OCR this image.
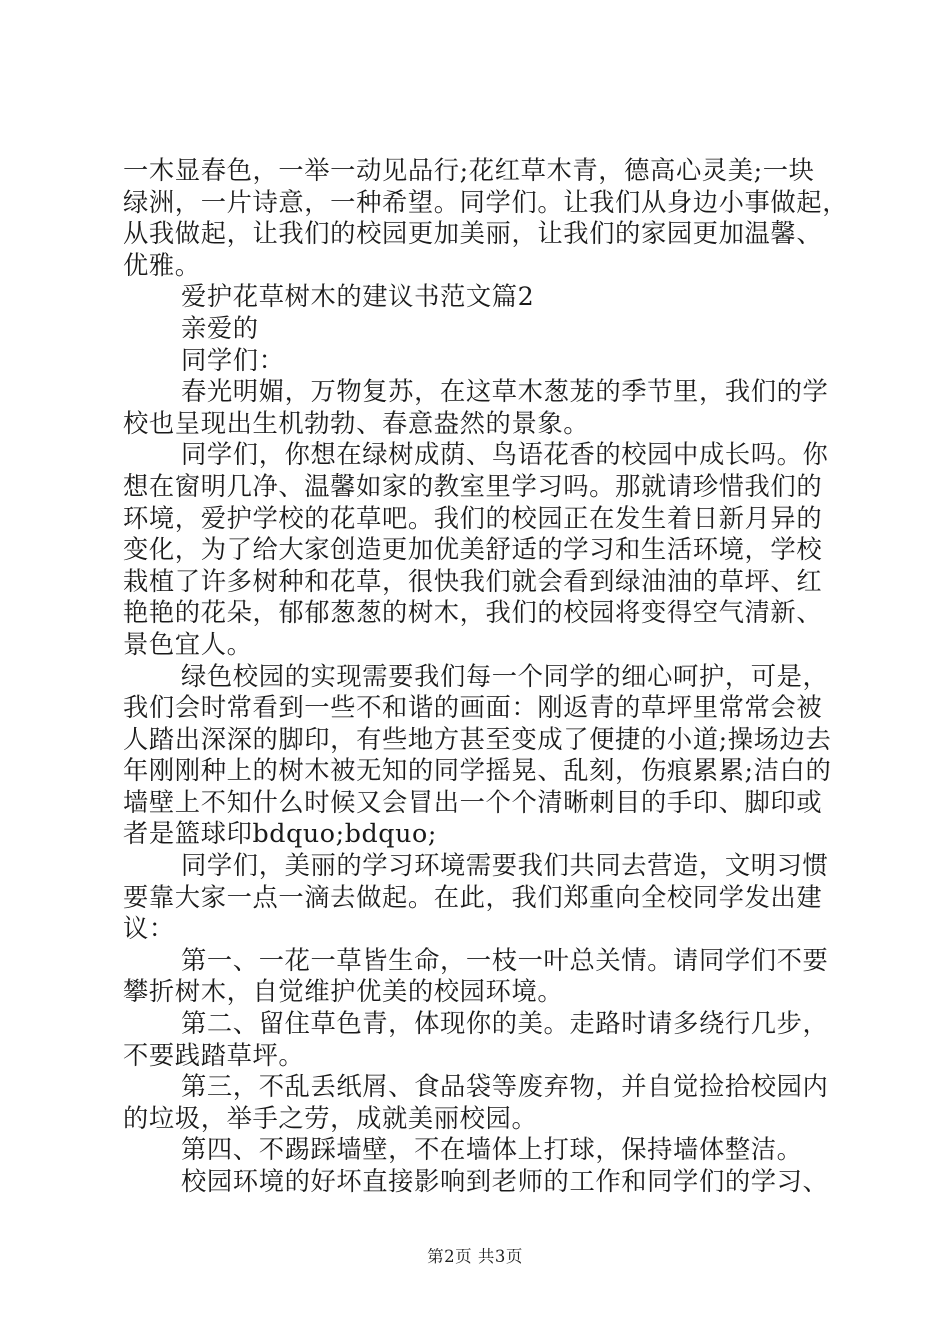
一木显春色，一举一动见品行;花红草木青，德高心灵美;一块
绿洲，一片诗意，一种希望。同学们。让我们从身边小事做起，
从我做起，让我们的校园更加美丽，让我们的家园更加温馨、
优雅。
爱护花草树木的建议书范文篇2
亲爱的
同学们：
春光明媚，万物复苏，在这草木葱茏的季节里，我们的学
校也呈现出生机勃勃、春意盎然的景象。
同学们，你想在绿树成荫、鸟语花香的校园中成长吗。你
想在窗明几净、温馨如家的教室里学习吗。那就请珍惜我们的
环境，爱护学校的花草吧。我们的校园正在发生着日新月异的
变化，为了给大家创造更加优美舒适的学习和生活环境，学校
栽植了许多树种和花草，很快我们就会看到绿油油的草坪、红
艳艳的花朵，郁郁葱葱的树木，我们的校园将变得空气清新、
景色宜人。
绿色校园的实现需要我们每一个同学的细心呵护，可是，
我们会时常看到一些不和谐的画面：刚返青的草坪里常常会被
人踏出深深的脚印，有些地方甚至变成了便捷的小道;操场边去
年刚刚种上的树木被无知的同学摇晃、乱刻，伤痕累累;洁白的
墙壁上不知什么时候又会冒出一个个清晰刺目的手印、脚印或
者是篮球印bdquo;bdquo;
同学们，美丽的学习环境需要我们共同去营造，文明习惯
要靠大家一点一滴去做起。在此，我们郑重向全校同学发出建
议：
第一、一花一草皆生命，一枝一叶总关情。请同学们不要
攀折树木，自觉维护优美的校园环境。
第二、留住草色青，体现你的美。走路时请多绕行几步，
不要践踏草坪。
第三，不乱丢纸屑、食品袋等废弃物，并自觉捡拾校园内
的垃圾，举手之劳，成就美丽校园。
第四、不踢踩墙壁，不在墙体上打球，保持墙体整洁。
校园环境的好坏直接影响到老师的工作和同学们的学习、
第2页 共3页
